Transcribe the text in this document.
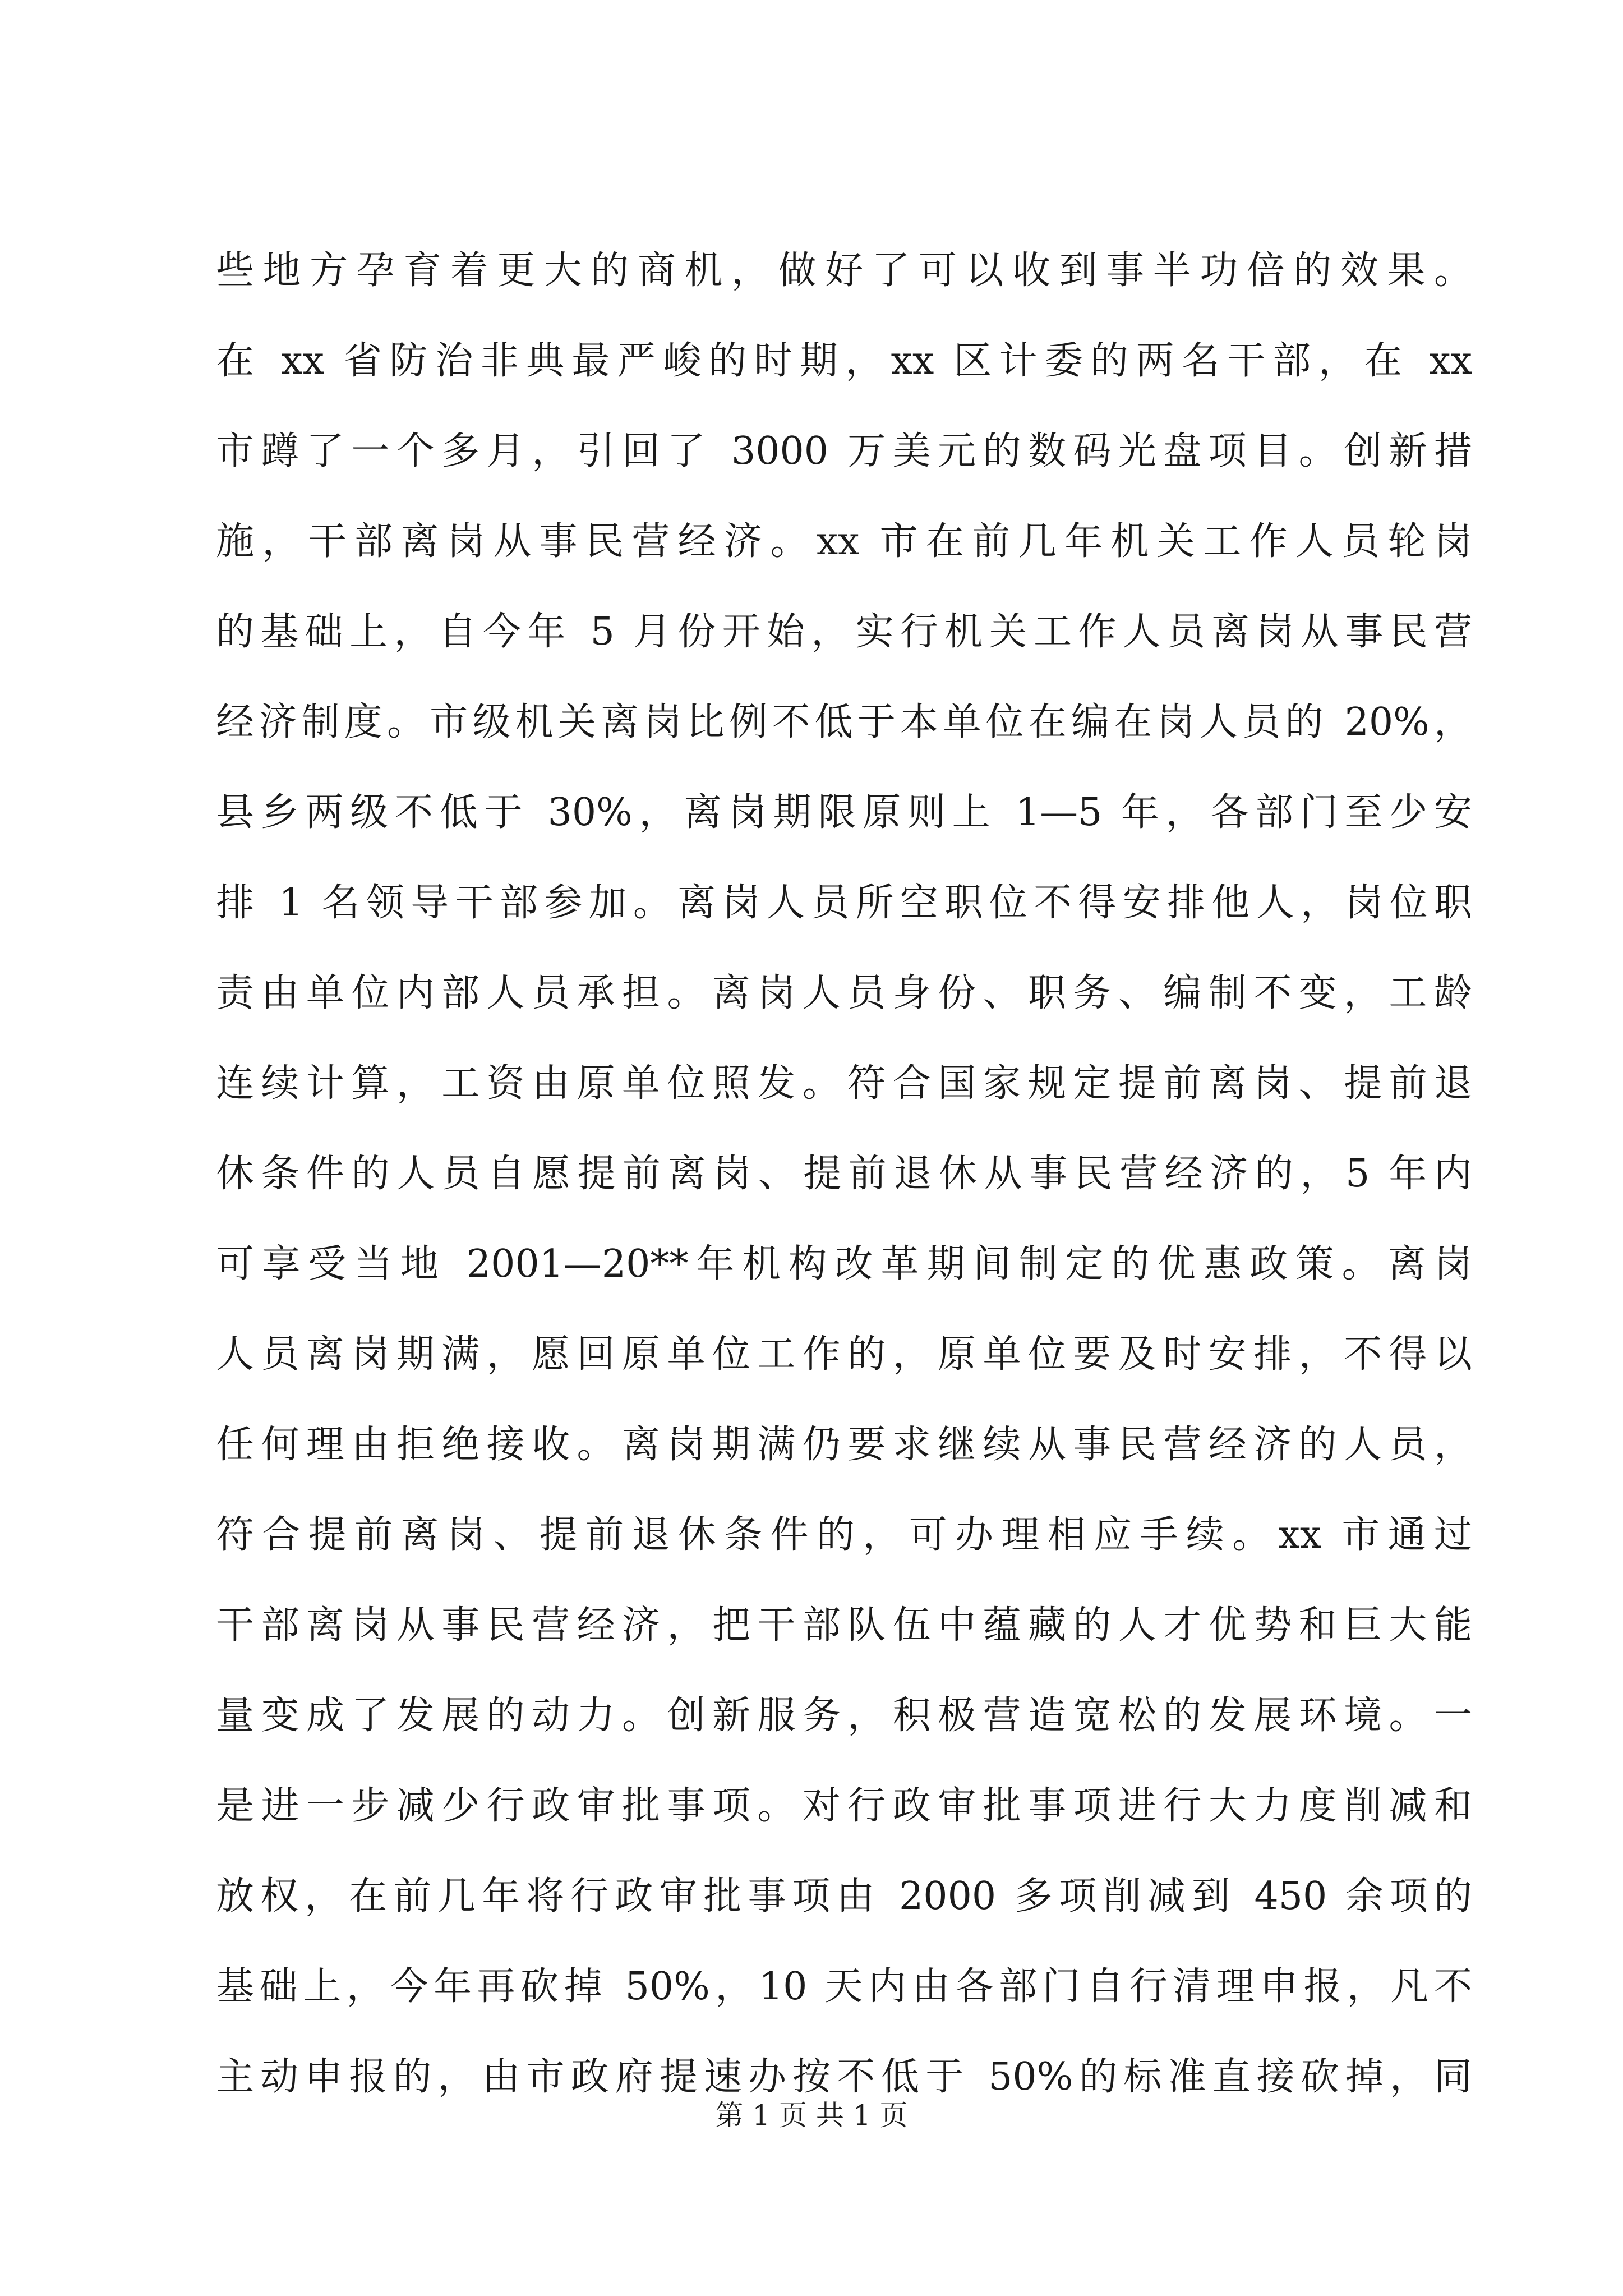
些地方孕育着更大的商机，做好了可以收到事半功倍的效果。
在 xx 省防治非典最严峻的时期，xx 区计委的两名干部，在 xx
市蹲了一个多月，引回了 3000 万美元的数码光盘项目。创新措
施，干部离岗从事民营经济。xx 市在前几年机关工作人员轮岗
的基础上，自今年 5 月份开始，实行机关工作人员离岗从事民营
经济制度。市级机关离岗比例不低于本单位在编在岗人员的 20%，
县乡两级不低于 30%，离岗期限原则上 1—5 年，各部门至少安
排 1 名领导干部参加。离岗人员所空职位不得安排他人，岗位职
责由单位内部人员承担。离岗人员身份、职务、编制不变，工龄
连续计算，工资由原单位照发。符合国家规定提前离岗、提前退
休条件的人员自愿提前离岗、提前退休从事民营经济的，5 年内
可享受当地 2001—20**年机构改革期间制定的优惠政策。离岗
人员离岗期满，愿回原单位工作的，原单位要及时安排，不得以
任何理由拒绝接收。离岗期满仍要求继续从事民营经济的人员，
符合提前离岗、提前退休条件的，可办理相应手续。xx 市通过
干部离岗从事民营经济，把干部队伍中蕴藏的人才优势和巨大能
量变成了发展的动力。创新服务，积极营造宽松的发展环境。一
是进一步减少行政审批事项。对行政审批事项进行大力度削减和
放权，在前几年将行政审批事项由 2000 多项削减到 450 余项的
基础上，今年再砍掉 50%，10 天内由各部门自行清理申报，凡不
主动申报的，由市政府提速办按不低于 50%的标准直接砍掉，同
第 1 页 共 1 页
